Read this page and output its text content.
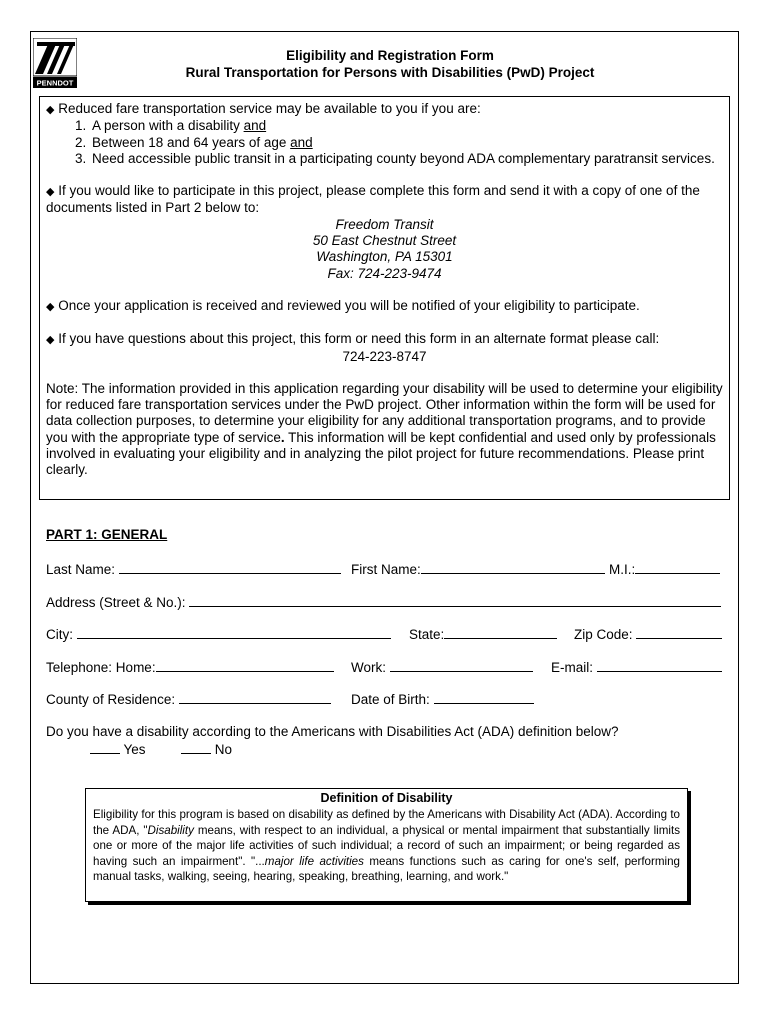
PENNDOT
Eligibility and Registration Form
Rural Transportation for Persons with Disabilities (PwD) Project

◆ Reduced fare transportation service may be available to you if you are:

1. A person with a disability and
2. Between 18 and 64 years of age and
3. Need accessible public transit in a participating county beyond ADA complementary paratransit services.

◆ If you would like to participate in this project, please complete this form and send it with a copy of one of the documents listed in Part 2 below to:

Freedom Transit
50 East Chestnut Street
Washington, PA 15301
Fax: 724-223-9474

◆ Once your application is received and reviewed you will be notified of your eligibility to participate.

◆ If you have questions about this project, this form or need this form in an alternate format please call:

724-223-8747

Note: The information provided in this application regarding your disability will be used to determine your eligibility for reduced fare transportation services under the PwD project. Other information within the form will be used for data collection purposes, to determine your eligibility for any additional transportation programs, and to provide you with the appropriate type of service. This information will be kept confidential and used only by professionals involved in evaluating your eligibility and in analyzing the pilot project for future recommendations. Please print clearly.

PART 1: GENERAL
Last Name:	First Name:	M.I.:
Address (Street & No.):
City:	State:	Zip Code:
Telephone: Home:	Work:	E-mail:
County of Residence:	Date of Birth:
Do you have a disability according to the Americans with Disabilities Act (ADA) definition below?
Yes	No
Definition of Disability
Eligibility for this program is based on disability as defined by the Americans with Disability Act (ADA). According to the ADA, "Disability means, with respect to an individual, a physical or mental impairment that substantially limits one or more of the major life activities of such individual; a record of such an impairment; or being regarded as having such an impairment". "...major life activities means functions such as caring for one's self, performing manual tasks, walking, seeing, hearing, speaking, breathing, learning, and work."
